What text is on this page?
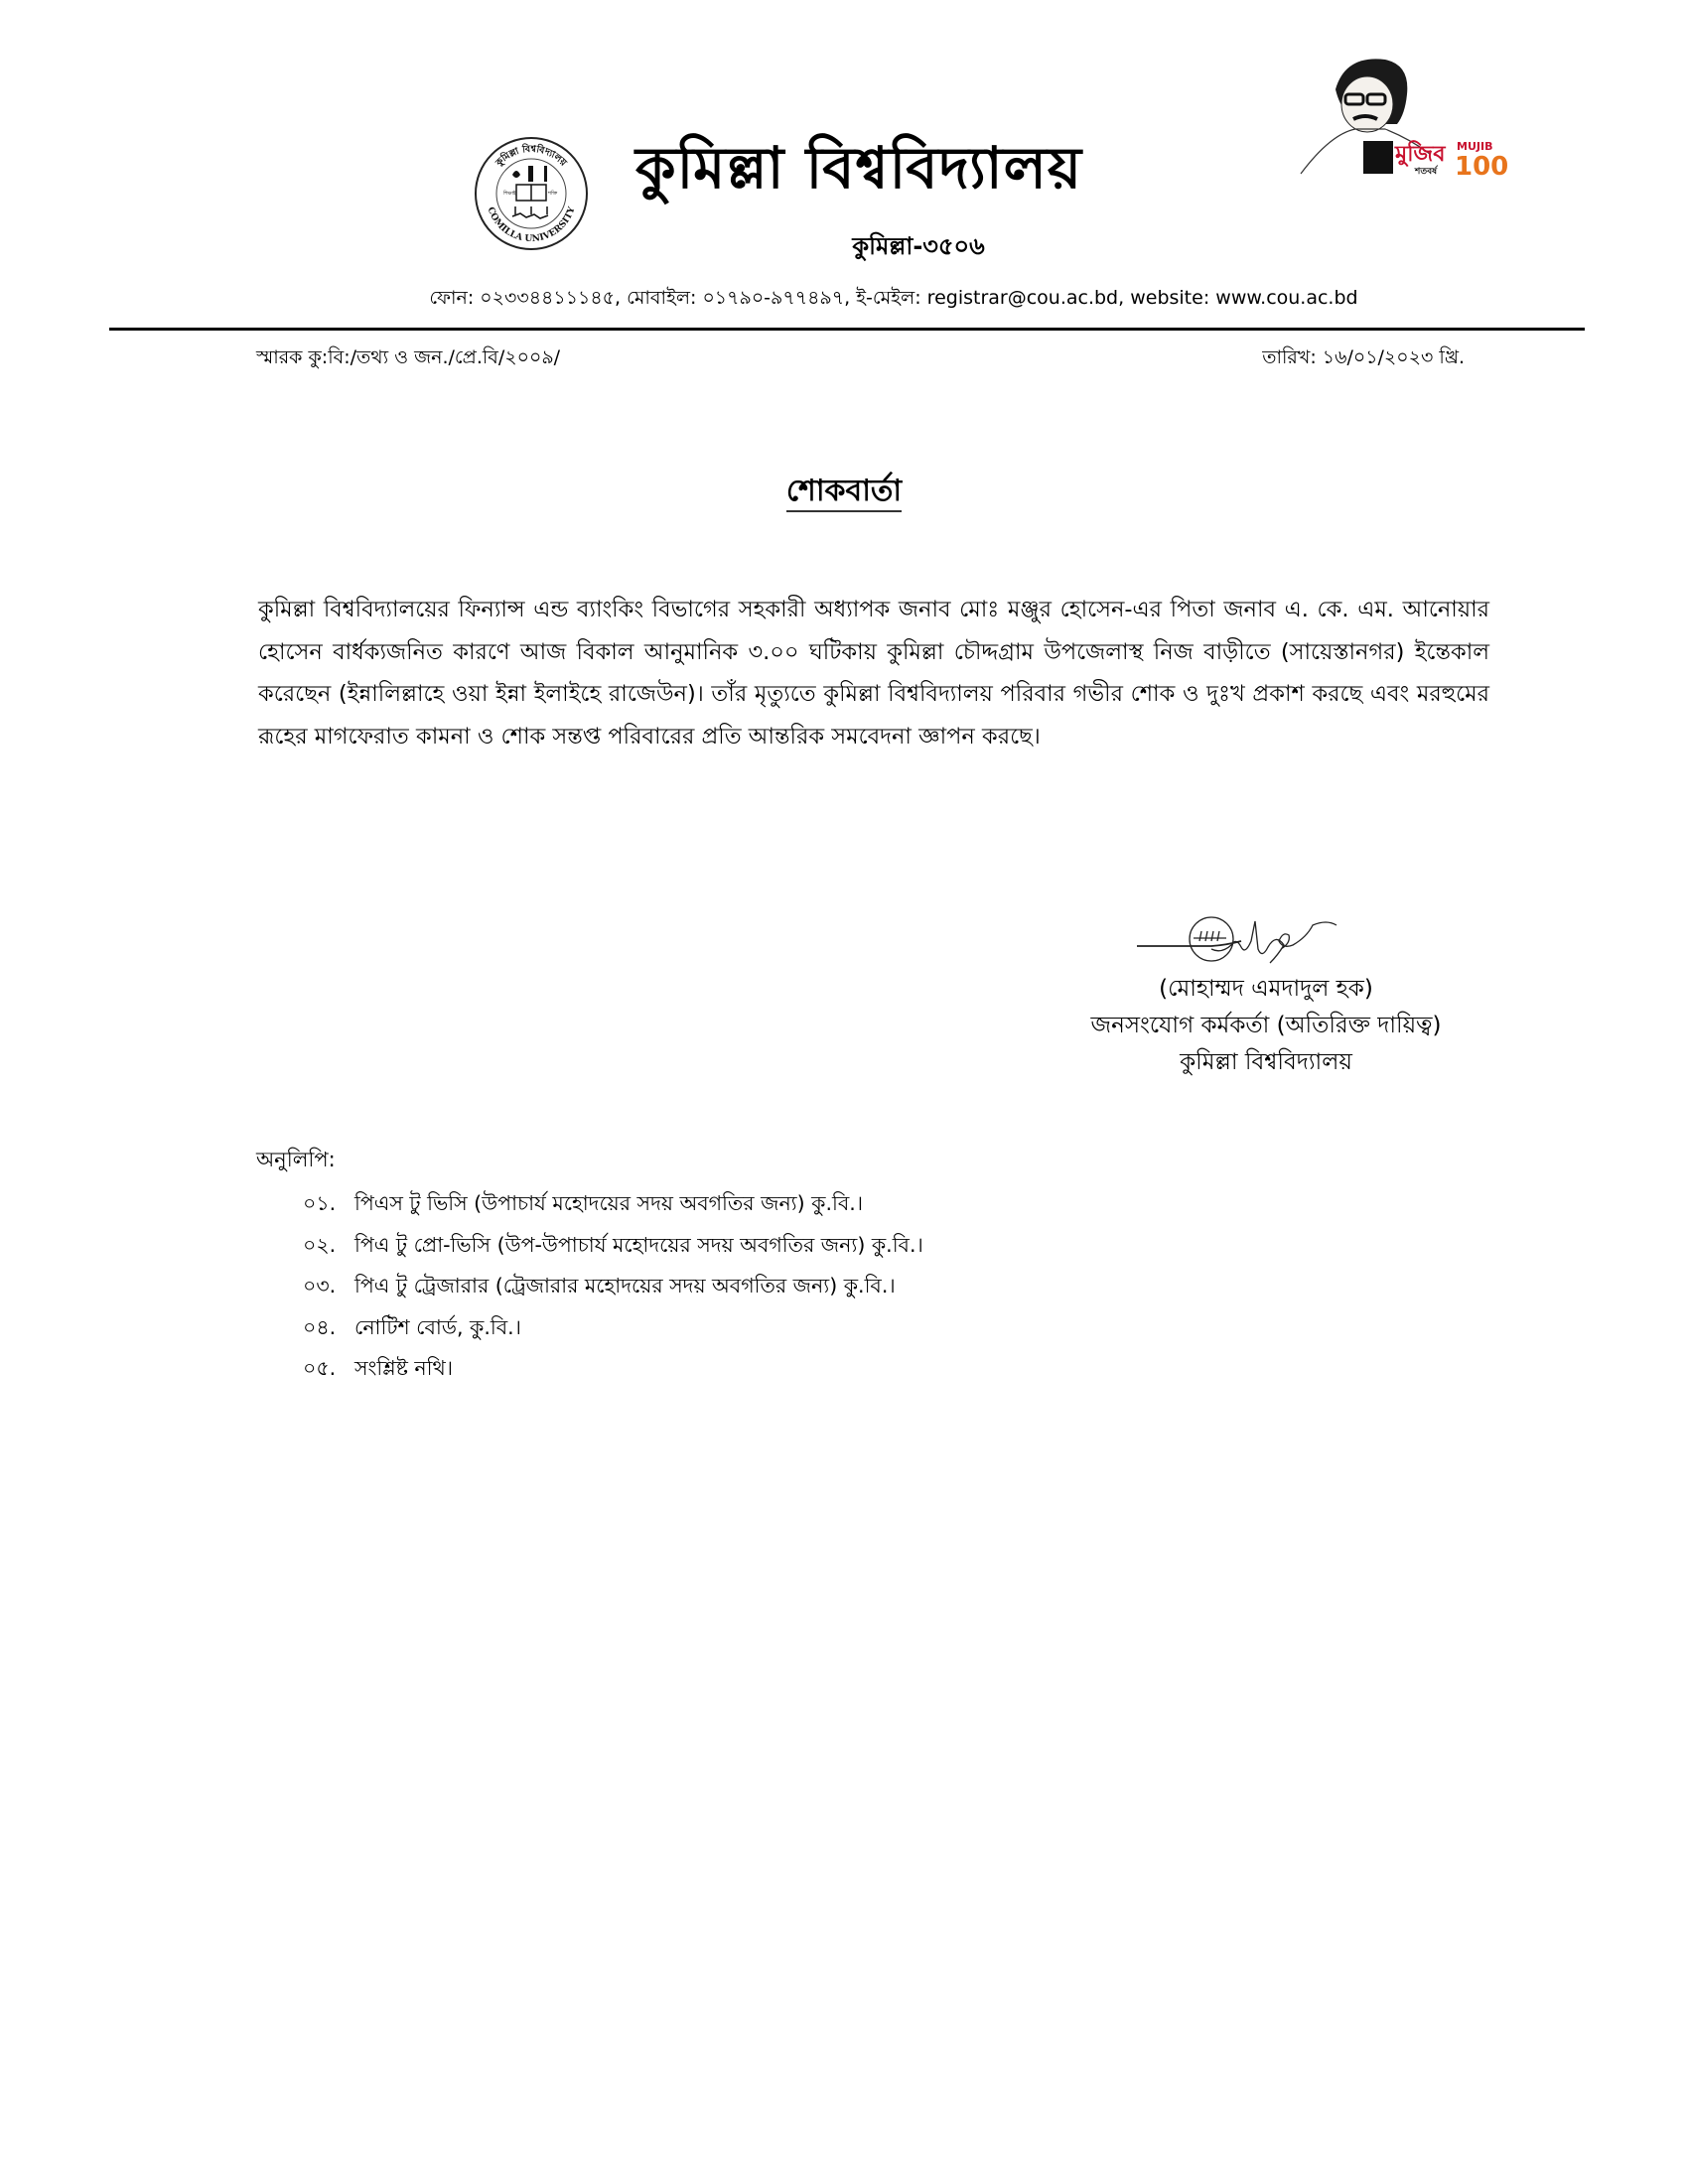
কুমিল্লা বিশ্ববিদ্যালয়
COMILLA UNIVERSITY
শিক্ষাই	শক্তি কুমিল্লা বিশ্ববিদ্যালয়
কুমিল্লা-৩৫০৬
ফোন: ০২৩৩৪৪১১১৪৫, মোবাইল: ০১৭৯০-৯৭৭৪৯৭, ই-মেইল: registrar@cou.ac.bd, website: www.cou.ac.bd
মুজিব
শতবর্ষ
MUJIB
100
স্মারক কু:বি:/তথ্য ও জন./প্রে.বি/২০০৯/	তারিখ: ১৬/০১/২০২৩ খ্রি.
শোকবার্তা
কুমিল্লা বিশ্ববিদ্যালয়ের ফিন্যান্স এন্ড ব্যাংকিং বিভাগের সহকারী অধ্যাপক জনাব মোঃ মঞ্জুর হোসেন-এর পিতা জনাব এ. কে. এম. আনোয়ার হোসেন বার্ধক্যজনিত কারণে আজ বিকাল আনুমানিক ৩.০০ ঘটিকায় কুমিল্লা চৌদ্দগ্রাম উপজেলাস্থ নিজ বাড়ীতে (সায়েস্তানগর) ইন্তেকাল করেছেন (ইন্নালিল্লাহে ওয়া ইন্না ইলাইহে রাজেউন)। তাঁর মৃত্যুতে কুমিল্লা বিশ্ববিদ্যালয় পরিবার গভীর শোক ও দুঃখ প্রকাশ করছে এবং মরহুমের রূহের মাগফেরাত কামনা ও শোক সন্তপ্ত পরিবারের প্রতি আন্তরিক সমবেদনা জ্ঞাপন করছে।
(মোহাম্মদ এমদাদুল হক)
জনসংযোগ কর্মকর্তা (অতিরিক্ত দায়িত্ব)
কুমিল্লা বিশ্ববিদ্যালয়
অনুলিপি:
০১. পিএস টু ভিসি (উপাচার্য মহোদয়ের সদয় অবগতির জন্য) কু.বি.।
০২. পিএ টু প্রো-ভিসি (উপ-উপাচার্য মহোদয়ের সদয় অবগতির জন্য) কু.বি.।
০৩. পিএ টু ট্রেজারার (ট্রেজারার মহোদয়ের সদয় অবগতির জন্য) কু.বি.।
০৪. নোটিশ বোর্ড, কু.বি.।
০৫. সংশ্লিষ্ট নথি।
